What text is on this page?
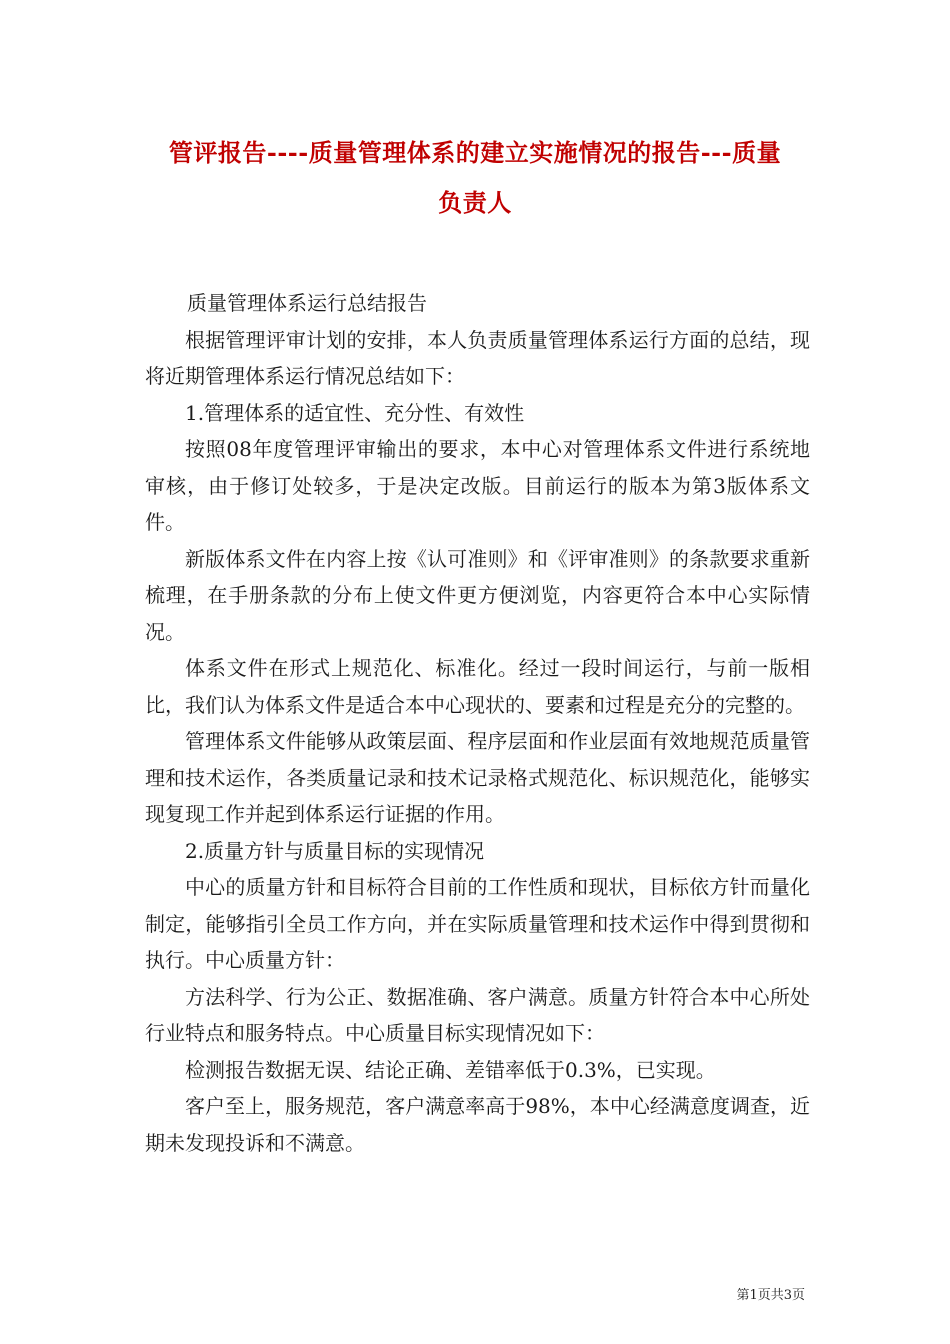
管评报告----质量管理体系的建立实施情况的报告---质量
负责人

质量管理体系运行总结报告

根据管理评审计划的安排，本人负责质量管理体系运行方面的总结，现将近期管理体系运行情况总结如下：

1.管理体系的适宜性、充分性、有效性

按照08年度管理评审输出的要求，本中心对管理体系文件进行系统地审核，由于修订处较多，于是决定改版。目前运行的版本为第3版体系文件。

新版体系文件在内容上按《认可准则》和《评审准则》的条款要求重新梳理，在手册条款的分布上使文件更方便浏览，内容更符合本中心实际情况。

体系文件在形式上规范化、标准化。经过一段时间运行，与前一版相比，我们认为体系文件是适合本中心现状的、要素和过程是充分的完整的。

管理体系文件能够从政策层面、程序层面和作业层面有效地规范质量管理和技术运作，各类质量记录和技术记录格式规范化、标识规范化，能够实现复现工作并起到体系运行证据的作用。

2.质量方针与质量目标的实现情况

中心的质量方针和目标符合目前的工作性质和现状，目标依方针而量化制定，能够指引全员工作方向，并在实际质量管理和技术运作中得到贯彻和执行。中心质量方针：

方法科学、行为公正、数据准确、客户满意。质量方针符合本中心所处行业特点和服务特点。中心质量目标实现情况如下：

检测报告数据无误、结论正确、差错率低于0.3%，已实现。

客户至上，服务规范，客户满意率高于98%，本中心经满意度调查，近期未发现投诉和不满意。

第1页共3页
